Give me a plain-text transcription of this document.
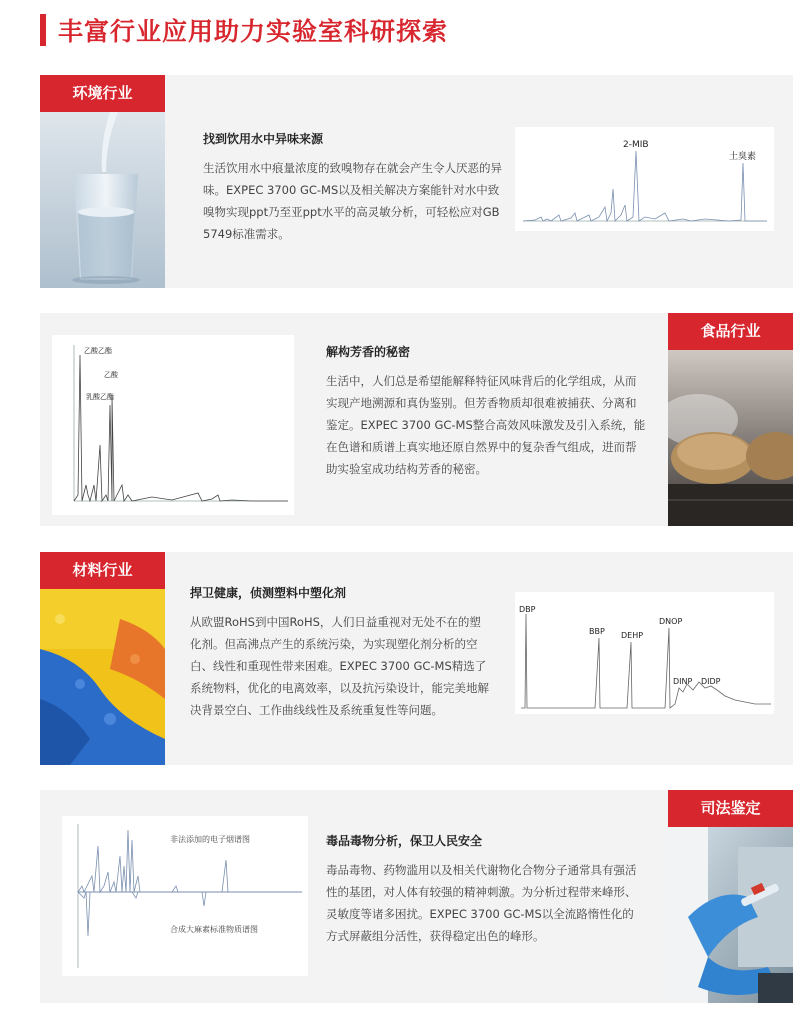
丰富行业应用助力实验室科研探索
环境行业
找到饮用水中异味来源
生活饮用水中痕量浓度的致嗅物存在就会产生令人厌恶的异味。EXPEC 3700 GC-MS以及相关解决方案能针对水中致嗅物实现ppt乃至亚ppt水平的高灵敏分析，可轻松应对GB 5749标准需求。
2-MIB
土臭素
乙酸乙酯
乙酸
乳酸乙酯
解构芳香的秘密
生活中，人们总是希望能解释特征风味背后的化学组成，从而实现产地溯源和真伪鉴别。但芳香物质却很难被捕获、分离和鉴定。EXPEC 3700 GC-MS整合高效风味激发及引入系统，能在色谱和质谱上真实地还原自然界中的复杂香气组成，进而帮助实验室成功结构芳香的秘密。
食品行业
材料行业
捍卫健康，侦测塑料中塑化剂
从欧盟RoHS到中国RoHS，人们日益重视对无处不在的塑化剂。但高沸点产生的系统污染，为实现塑化剂分析的空白、线性和重现性带来困难。EXPEC 3700 GC-MS精选了系统物料，优化的电离效率，以及抗污染设计，能完美地解决背景空白、工作曲线线性及系统重复性等问题。
DBP
BBP DEHP
DNOP
DINP DIDP
非法添加的电子烟谱图
合成大麻素标准物质谱图
毒品毒物分析，保卫人民安全
毒品毒物、药物滥用以及相关代谢物化合物分子通常具有强活性的基团，对人体有较强的精神刺激。为分析过程带来峰形、灵敏度等诸多困扰。EXPEC 3700 GC-MS以全流路惰性化的方式屏蔽组分活性，获得稳定出色的峰形。
司法鉴定
